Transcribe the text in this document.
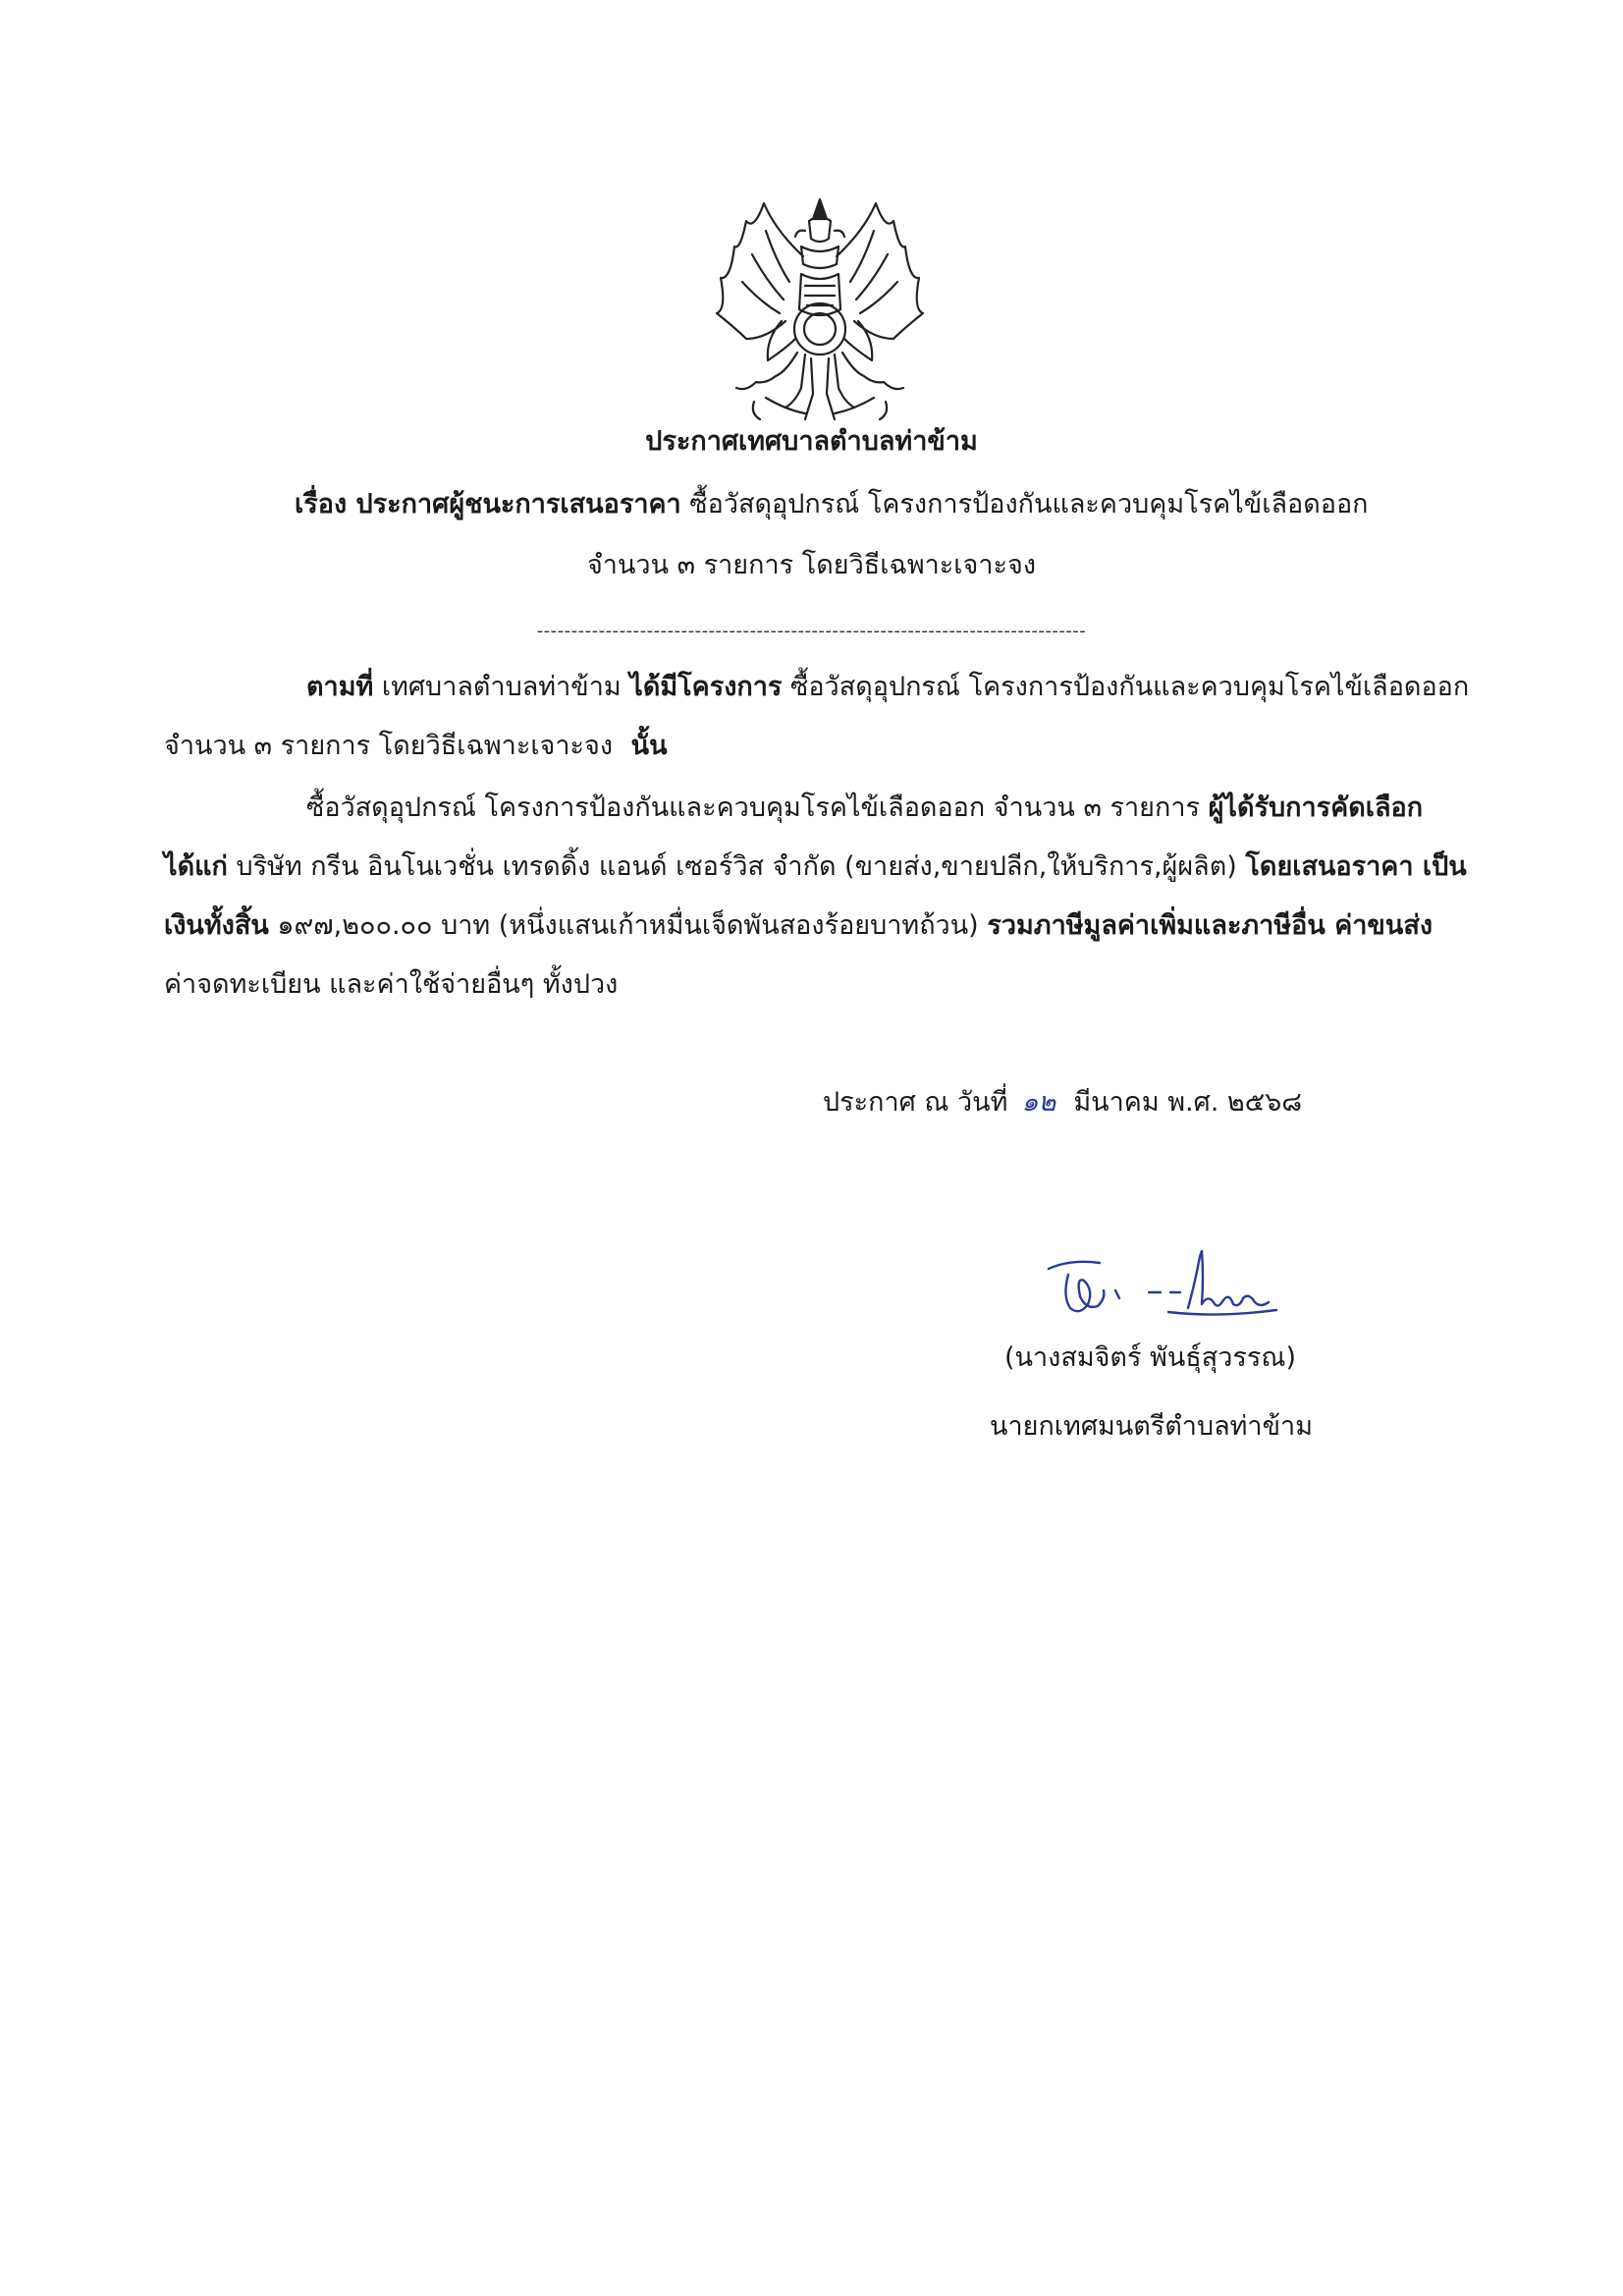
ประกาศเทศบาลตำบลท่าข้าม
เรื่อง ประกาศผู้ชนะการเสนอราคา ซื้อวัสดุอุปกรณ์ โครงการป้องกันและควบคุมโรคไข้เลือดออก
จำนวน ๓ รายการ โดยวิธีเฉพาะเจาะจง
--------------------------------------------------------------------------------
ตามที่ เทศบาลตำบลท่าข้าม ได้มีโครงการ ซื้อวัสดุอุปกรณ์ โครงการป้องกันและควบคุมโรคไข้เลือดออก
จำนวน ๓ รายการ โดยวิธีเฉพาะเจาะจง นั้น
ซื้อวัสดุอุปกรณ์ โครงการป้องกันและควบคุมโรคไข้เลือดออก จำนวน ๓ รายการ ผู้ได้รับการคัดเลือก
ได้แก่ บริษัท กรีน อินโนเวชั่น เทรดดิ้ง แอนด์ เซอร์วิส จำกัด (ขายส่ง,ขายปลีก,ให้บริการ,ผู้ผลิต) โดยเสนอราคา เป็น
เงินทั้งสิ้น ๑๙๗,๒๐๐.๐๐ บาท (หนึ่งแสนเก้าหมื่นเจ็ดพันสองร้อยบาทถ้วน) รวมภาษีมูลค่าเพิ่มและภาษีอื่น ค่าขนส่ง
ค่าจดทะเบียน และค่าใช้จ่ายอื่นๆ ทั้งปวง
ประกาศ ณ วันที่ ๑๒ มีนาคม พ.ศ. ๒๕๖๘
(นางสมจิตร์ พันธุ์สุวรรณ)
นายกเทศมนตรีตำบลท่าข้าม
